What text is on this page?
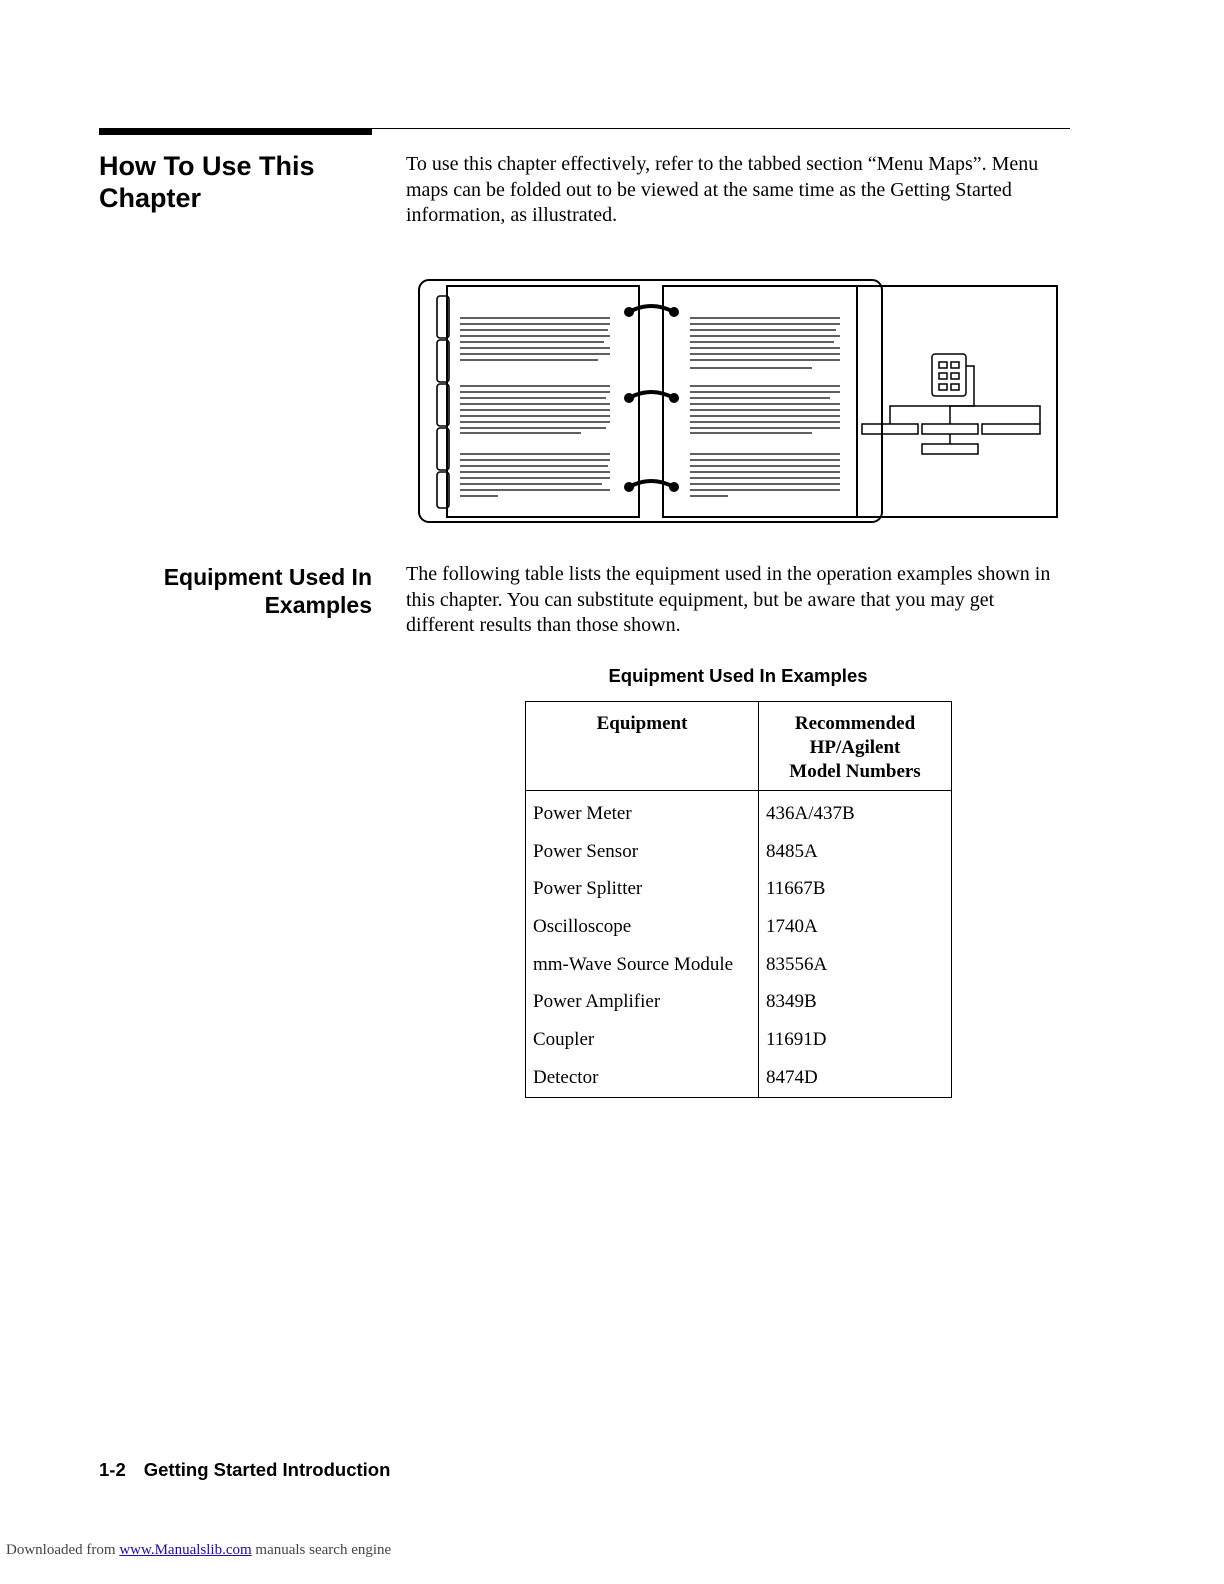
How To Use This
Chapter
To use this chapter effectively, refer to the tabbed section “Menu Maps”. Menu maps can be folded out to be viewed at the same time as the Getting Started information, as illustrated.
Equipment Used In
Examples
The following table lists the equipment used in the operation examples shown in this chapter. You can substitute equipment, but be aware that you may get different results than those shown.
Equipment Used In Examples
Equipment	Recommended
HP/Agilent
Model Numbers

Power Meter	436A/437B
Power Sensor	8485A
Power Splitter	11667B
Oscilloscope	1740A
mm-Wave Source Module	83556A
Power Amplifier	8349B
Coupler	11691D
Detector	8474D
1-2 Getting Started Introduction
Downloaded from www.Manualslib.com manuals search engine
